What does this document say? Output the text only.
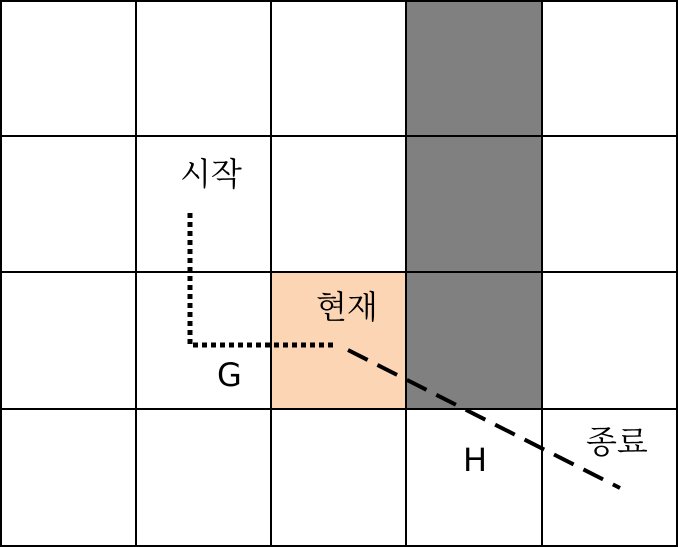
시작
현재
G
H	종료
